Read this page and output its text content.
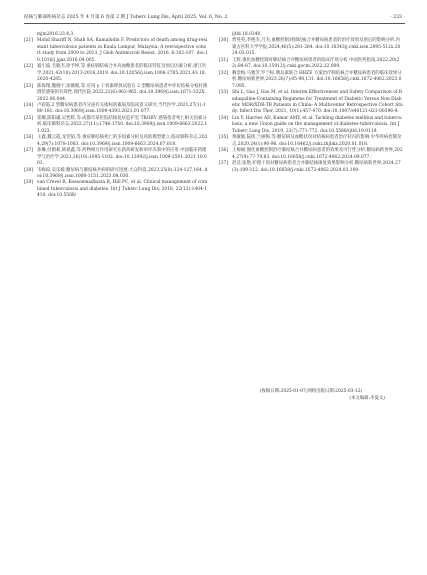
结核与肺部疾病杂志 2025 年 4 月第 6 卷第 2 期 J Tuberc Lung Dis, April 2025, Vol. 6, No. 2	· 233 ·
mjm2016.23.4.3.
[21] Mohd Shariff N, Shah SA, Kamaludin F. Predictors of death among drug-resistant tuberculosis patients in Kuala Lumpur, Malaysia: A retrospective cohort study from 2009 to 2013. J Glob Antimicrob Resist, 2016, 6:102-107. doi:10.1016/j.jgar.2016.04.005.
[22] 寰小波,毛敏杰,徐予坤,等.重症肺结核合并高血糖患者的临床特征及预后因素分析.浙江医学,2021,43(18):2013-2016,2019. doi:10.12056/j.issn.1006-2785.2021.43.18.2020-4285.
[23] 陈海翔,魏晓宇,徐薇薇,等.应用 γ 干扰素释放试验在 2 型糖尿病患者中评价结核分枝杆菌潜伏感染的有效性.现代医院,2022,22(6):962-965. doi:10.3969/j.issn.1671-332X.2022.06.044.
[24] 卢彩霞.2 型糖尿病患者内分泌有关指标的素质及临床意义研究.当代医学,2021,27(1):180-181. doi:10.3969/j.issn.1009-4393.2021.01.077.
[25] 崔耀,陈阳谦,吴性辉,等.成都市某医院结核复症监护室 TB/HIV 感染患者死亡相关因素分析.临床肺科杂志,2022,27(11):1746-1750. doi:10.3969/j.issn.1009-6663.2022.11.023.
[26] 王鑫,魏云霞,龙莞韬,等.重症肺结核死亡的多因素分析及风险模型建立.临床肺科杂志,2024,29(7):1078-1083. doi:10.3969/j.issn.1009-6663.2024.07.018.
[27] 孙琳,付蔚莉,韩祖鑫,等.药物相互作用研究在新药研发和审评决策中的应用.中国临床药理学与治疗学,2021,26(10):1095-1102. doi:10.12092/j.issn.1009-2501.2021.10.001.
[28] 韦梅琼,吴乐媛.糖尿病与肺结核共病的研究进展.大众科技,2023,25(8):124-127,164. doi:10.3969/j.issn.1008-1151.2023.08.030.
[29] van Crevel R, Koesoemadinata R, Hill PC, et al. Clinical management of combined tuberculosis and diabetes. Int J Tuberc Lung Dis, 2018, 22(12):1404-1410. doi:10.5588/
ijtld.18.0340.
[30] 贾英英,李艳杰,吕杰.血糖控制对肺结核合并糖尿病患者的治疗效果及预后的影响分析.内蒙古医科大学学报,2024,46(5):281-284. doi:10.16343/j.cnki.issn.2095-512x.2024.03.015.
[31] 王辉.强化血糖控制对肺结核合并糖尿病患者的临床疗效分析.中国医药指南,2022,20(22):84-87. doi:10.15912/j.cnki.gocm.2022.22.009.
[32] 赖金梅,马雅芳,罗兰标.胰岛素联合 HRZE 方案治疗肺结核合并糖尿病患者的临床效果分析.糖尿病新世界,2023,26(7):95-98,131. doi:10.16658/j.cnki.1672-4062.2023.07.095.
[33] Shi L, Gao J, Gao M, et al. Interim Effectiveness and Safety Comparison of Bedaquiline-Containing Regimens for Treatment of Diabetic Versus Non-Diabetic MDR/XDR-TB Patients in China: A Multicenter Retrospective Cohort Study. Infect Dis Ther, 2021, 10(1):457-470. doi:10.1007/s40121-021-00396-9.
[34] Lin Y, Harries AD, Kumar AMV, et al. Tackling diabetes mellitus and tuberculosis, a new Union guide on the management of diabetes-tuberculosis. Int J Tuberc Lung Dis, 2019, 23(7):771-772. doi:10.5588/ijtld.19.0119.
[35] 黄敏敏,陆炜,兰丽梅,等.糖尿病及血糖状况对结核病患者治疗转归的影响.中华疾病控制杂志,2020,24(1):90-96. doi:10.16462/j.cnki.zhjbkz.2020.01.018.
[36] 王梅丽.强化血糖控制治疗肺结核合并糖尿病患者的效果及可行性分析.糖尿病新世界,2024,27(9):77-79,83. doi:10.16658/j.cnki.1672-4062.2024.09.077.
[37] 赵洁,张艳.护理干预对糖尿病患者合并肺结核康复效果影响分析.糖尿病新世界,2024,27(3):109-112. doi:10.16658/j.cnki.1672-4062.2024.03.109.
(收稿日期:2025-01-07;网络出版日期:2025-03-12)
(本文编辑:李曼文)
